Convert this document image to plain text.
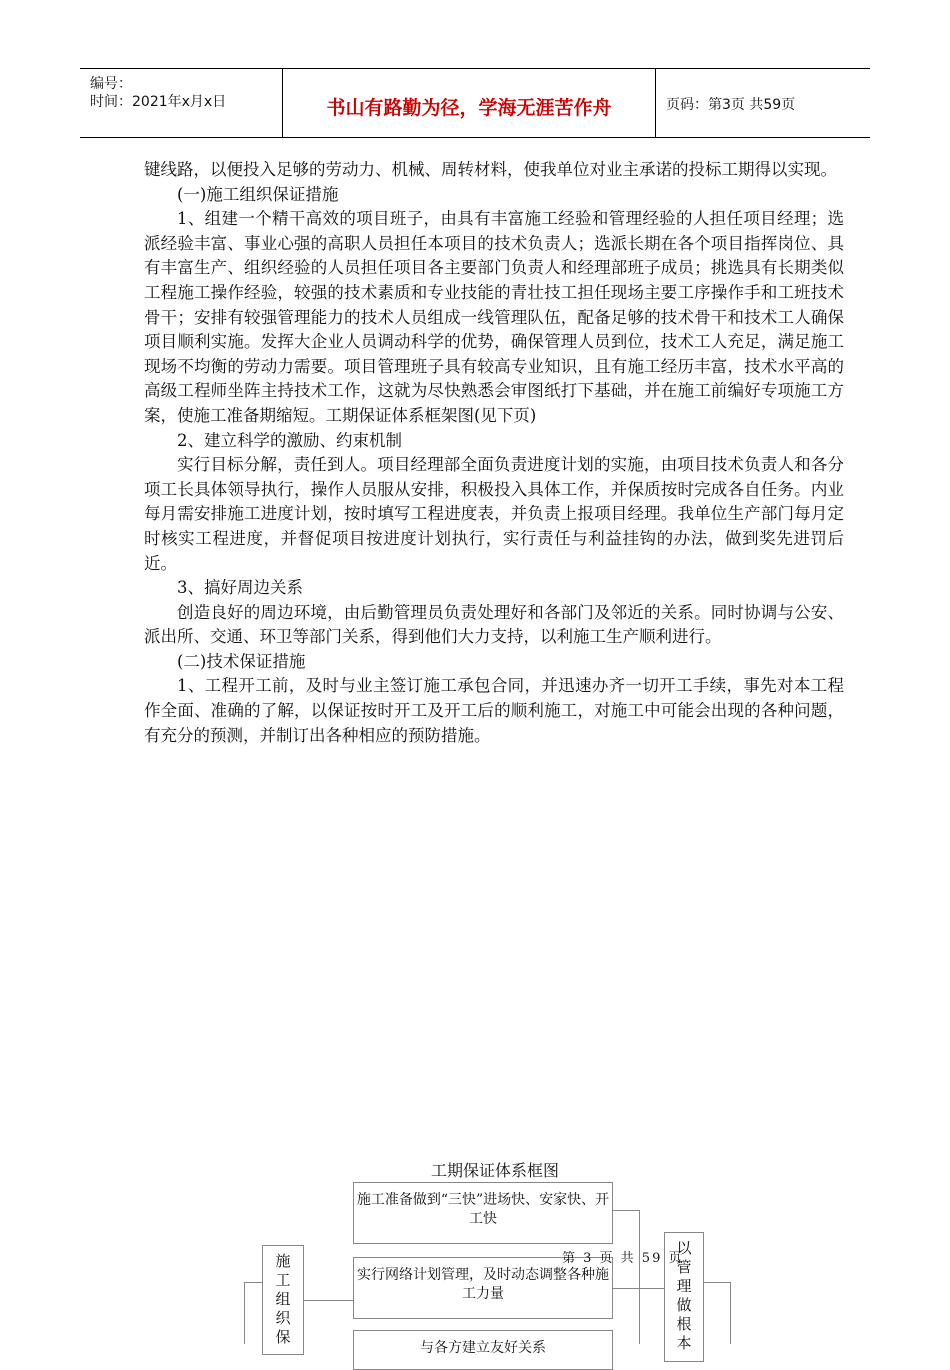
编号：
时间：2021年x月x日	书山有路勤为径，学海无涯苦作舟	页码：第3页 共59页

键线路，以便投入足够的劳动力、机械、周转材料，使我单位对业主承诺的投标工期得以实现。

(一)施工组织保证措施

1、组建一个精干高效的项目班子，由具有丰富施工经验和管理经验的人担任项目经理；选派经验丰富、事业心强的高职人员担任本项目的技术负责人；选派长期在各个项目指挥岗位、具有丰富生产、组织经验的人员担任项目各主要部门负责人和经理部班子成员；挑选具有长期类似工程施工操作经验，较强的技术素质和专业技能的青壮技工担任现场主要工序操作手和工班技术骨干；安排有较强管理能力的技术人员组成一线管理队伍，配备足够的技术骨干和技术工人确保项目顺利实施。发挥大企业人员调动科学的优势，确保管理人员到位，技术工人充足，满足施工现场不均衡的劳动力需要。项目管理班子具有较高专业知识，且有施工经历丰富，技术水平高的高级工程师坐阵主持技术工作，这就为尽快熟悉会审图纸打下基础，并在施工前编好专项施工方案，使施工准备期缩短。工期保证体系框架图(见下页)

2、建立科学的激励、约束机制

实行目标分解，责任到人。项目经理部全面负责进度计划的实施，由项目技术负责人和各分项工长具体领导执行，操作人员服从安排，积极投入具体工作，并保质按时完成各自任务。内业每月需安排施工进度计划，按时填写工程进度表，并负责上报项目经理。我单位生产部门每月定时核实工程进度，并督促项目按进度计划执行，实行责任与利益挂钩的办法，做到奖先进罚后近。

3、搞好周边关系

创造良好的周边环境，由后勤管理员负责处理好和各部门及邻近的关系。同时协调与公安、派出所、交通、环卫等部门关系，得到他们大力支持，以利施工生产顺利进行。

(二)技术保证措施

1、工程开工前，及时与业主签订施工承包合同，并迅速办齐一切开工手续，事先对本工程作全面、准确的了解，以保证按时开工及开工后的顺利施工，对施工中可能会出现的各种问题，有充分的预测，并制订出各种相应的预防措施。

工期保证体系框图
施工准备做到“三快”进场快、安家快、开工快
实行网络计划管理，及时动态调整各种施工力量
与各方建立友好关系
施
工
组
织
保
以
管
理
做
根
本
第 3 页 共 59 页
